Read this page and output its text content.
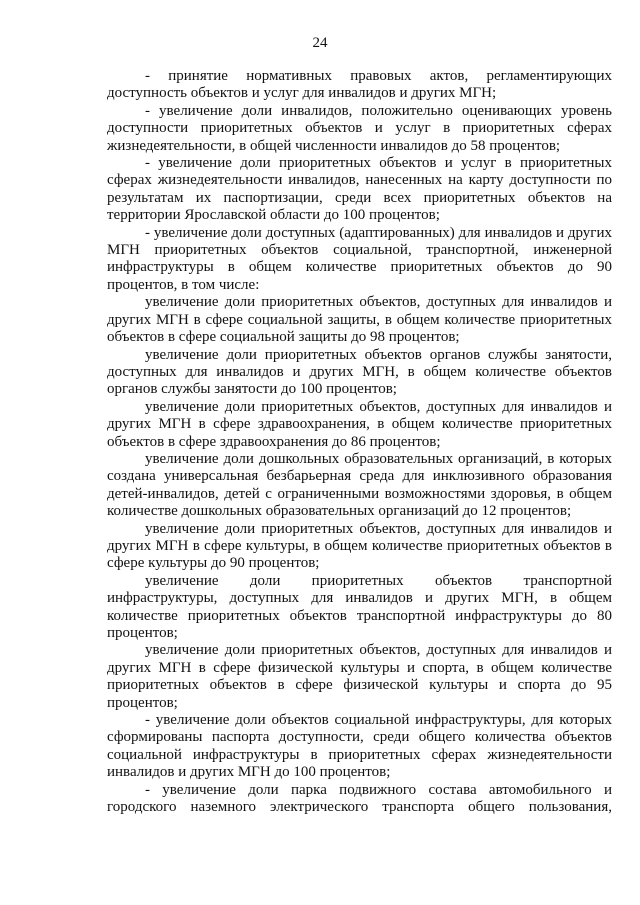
24

- принятие нормативных правовых актов, регламентирующих доступность объектов и услуг для инвалидов и других МГН;

- увеличение доли инвалидов, положительно оценивающих уровень доступности приоритетных объектов и услуг в приоритетных сферах жизнедеятельности, в общей численности инвалидов до 58 процентов;

- увеличение доли приоритетных объектов и услуг в приоритетных сферах жизнедеятельности инвалидов, нанесенных на карту доступности по результатам их паспортизации, среди всех приоритетных объектов на территории Ярославской области до 100 процентов;

- увеличение доли доступных (адаптированных) для инвалидов и других МГН приоритетных объектов социальной, транспортной, инженерной инфраструктуры в общем количестве приоритетных объектов до 90 процентов, в том числе:

увеличение доли приоритетных объектов, доступных для инвалидов и других МГН в сфере социальной защиты, в общем количестве приоритетных объектов в сфере социальной защиты до 98 процентов;

увеличение доли приоритетных объектов органов службы занятости, доступных для инвалидов и других МГН, в общем количестве объектов органов службы занятости до 100 процентов;

увеличение доли приоритетных объектов, доступных для инвалидов и других МГН в сфере здравоохранения, в общем количестве приоритетных объектов в сфере здравоохранения до 86 процентов;

увеличение доли дошкольных образовательных организаций, в которых создана универсальная безбарьерная среда для инклюзивного образования детей-инвалидов, детей с ограниченными возможностями здоровья, в общем количестве дошкольных образовательных организаций до 12 процентов;

увеличение доли приоритетных объектов, доступных для инвалидов и других МГН в сфере культуры, в общем количестве приоритетных объектов в сфере культуры до 90 процентов;

увеличение доли приоритетных объектов транспортной инфраструктуры, доступных для инвалидов и других МГН, в общем количестве приоритетных объектов транспортной инфраструктуры до 80 процентов;

увеличение доли приоритетных объектов, доступных для инвалидов и других МГН в сфере физической культуры и спорта, в общем количестве приоритетных объектов в сфере физической культуры и спорта до 95 процентов;

- увеличение доли объектов социальной инфраструктуры, для которых сформированы паспорта доступности, среди общего количества объектов социальной инфраструктуры в приоритетных сферах жизнедеятельности инвалидов и других МГН до 100 процентов;

- увеличение доли парка подвижного состава автомобильного и городского наземного электрического транспорта общего пользования,
